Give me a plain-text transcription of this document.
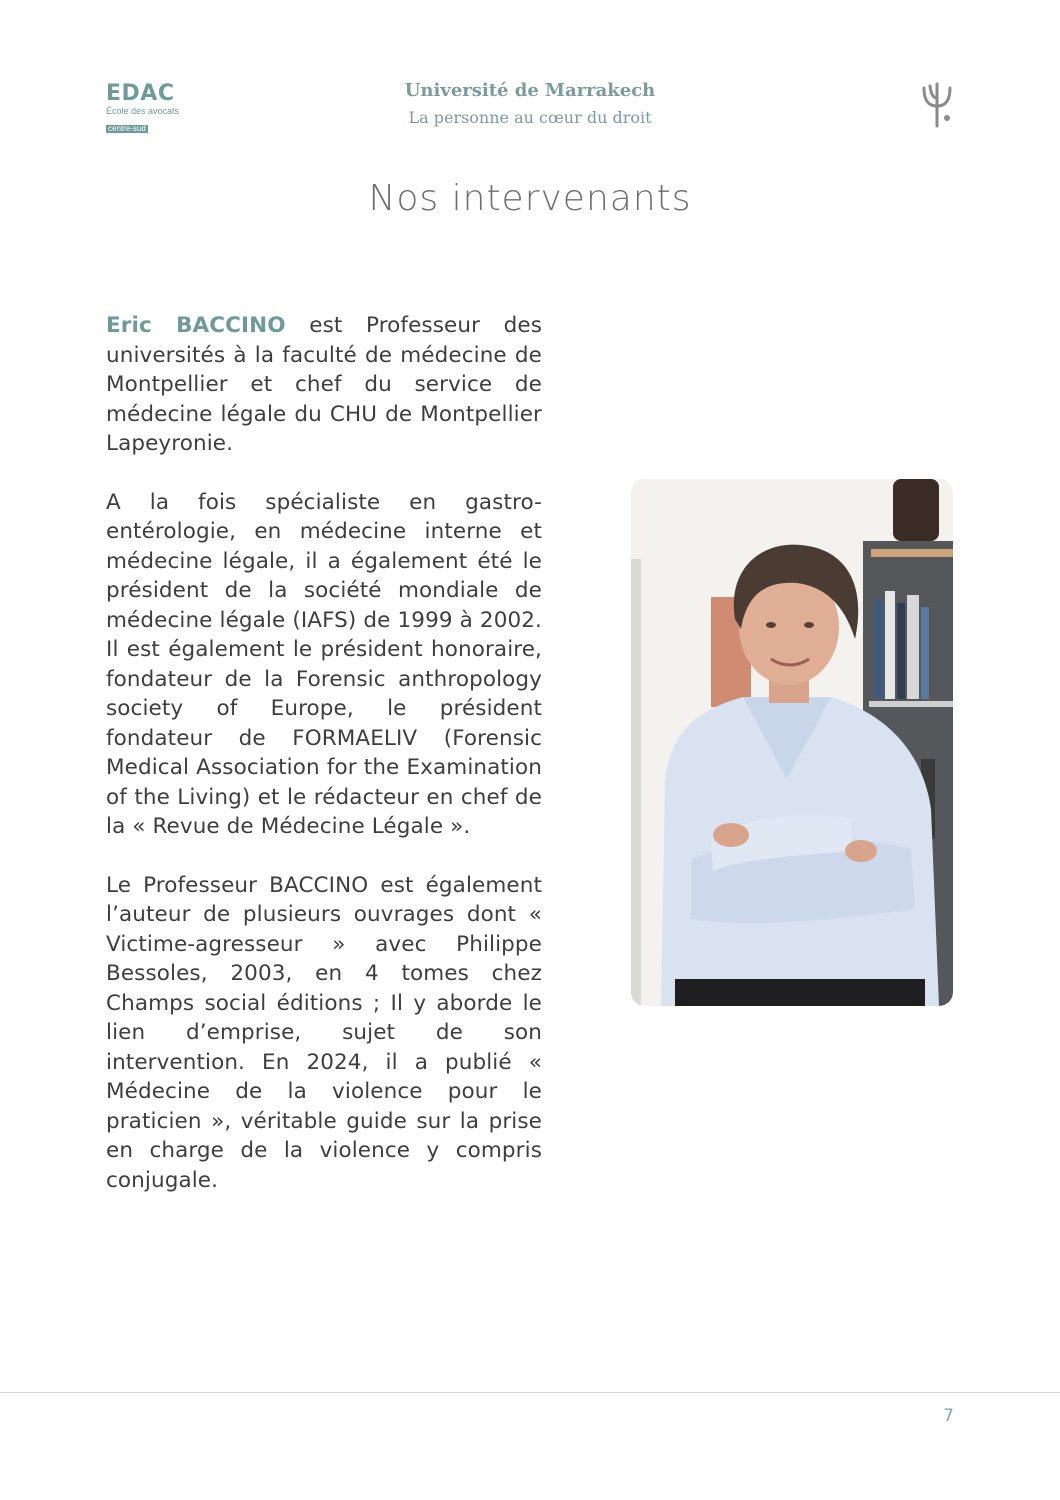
EDAC
École des avocats
centre-sud
Université de Marrakech
La personne au cœur du droit
Nos intervenants

Eric BACCINO est Professeur des universités à la faculté de médecine de Montpellier et chef du service de médecine légale du CHU de Montpellier Lapeyronie.

A la fois spécialiste en gastro-entérologie, en médecine interne et médecine légale, il a également été le président de la société mondiale de médecine légale (IAFS) de 1999 à 2002. Il est également le président honoraire, fondateur de la Forensic anthropology society of Europe, le président fondateur de FORMAELIV (Forensic Medical Association for the Examination of the Living) et le rédacteur en chef de la « Revue de Médecine Légale ».

Le Professeur BACCINO est également l’auteur de plusieurs ouvrages dont « Victime-agresseur » avec Philippe Bessoles, 2003, en 4 tomes chez Champs social éditions ; Il y aborde le lien d’emprise, sujet de son intervention. En 2024, il a publié « Médecine de la violence pour le praticien », véritable guide sur la prise en charge de la violence y compris conjugale.

7
